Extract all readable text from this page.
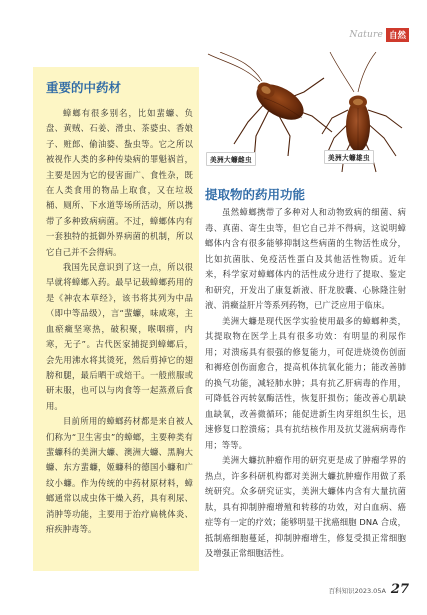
Nature 自然
重要的中药材

蟑螂有很多别名，比如蜚蠊、负盘、黄贼、石姜、滑虫、茶婆虫、香娘子、赃郎、偷油婆、蚻虫等。它之所以被视作人类的多种传染病的罪魁祸首，主要是因为它的侵害面广、食性杂，既在人类食用的物品上取食，又在垃圾桶、厕所、下水道等场所活动，所以携带了多种致病病菌。不过，蟑螂体内有一套独特的抵御外界病菌的机制，所以它自己并不会得病。

我国先民意识到了这一点，所以很早就将蟑螂入药。最早记载蟑螂药用的是《神农本草经》，该书将其列为中品（即中等品级），言“蜚蠊，味咸寒，主血瘀癥坚寒热，破积聚，喉咽痹，内寒，无子”。古代医家捕捉到蟑螂后，会先用沸水将其烫死，然后剪掉它的翅膀和腿，最后晒干或焙干。一般煎服或研末服，也可以与肉食等一起蒸煮后食用。

目前所用的蟑螂药材都是来自被人们称为“卫生害虫”的蟑螂，主要种类有蜚蠊科的美洲大蠊、澳洲大蠊、黑胸大蠊、东方蜚蠊，姬蠊科的德国小蠊和广纹小蠊。作为传统的中药材原材料，蟑螂通常以成虫体干燥入药，具有利尿、消肿等功能，主要用于治疗扁桃体炎、疳疾肿毒等。

美洲大蠊雌虫	美洲大蠊雄虫
提取物的药用功能

虽然蟑螂携带了多种对人和动物致病的细菌、病毒、真菌、寄生虫等，但它自己并不得病，这说明蟑螂体内含有很多能够抑制这些病菌的生物活性成分，比如抗菌肽、免疫活性蛋白及其他活性物质。近年来，科学家对蟑螂体内的活性成分进行了提取、鉴定和研究，开发出了康复新液、肝龙胶囊、心脉隆注射液、消癥益肝片等系列药物，已广泛应用于临床。

美洲大蠊是现代医学实验使用最多的蟑螂种类，其提取物在医学上具有很多功效：有明显的利尿作用；对溃疡具有很强的修复能力，可促进烧烫伤创面和褥疮创伤面愈合，提高机体抗氧化能力；能改善肺的换气功能，减轻肺水肿；具有抗乙肝病毒的作用，可降低谷丙转氨酶活性，恢复肝损伤；能改善心肌缺血缺氧，改善微循环；能促进新生肉芽组织生长，迅速修复口腔溃疡；具有抗结核作用及抗艾滋病病毒作用；等等。

美洲大蠊抗肿瘤作用的研究更是成了肿瘤学界的热点，许多科研机构都对美洲大蠊抗肿瘤作用做了系统研究。众多研究证实，美洲大蠊体内含有大量抗菌肽，具有抑制肿瘤增殖和转移的功效，对白血病、癌症等有一定的疗效；能够明显干扰癌细胞 DNA 合成，抵制癌细胞蔓延，抑制肿瘤增生，修复受损正常细胞及增强正常细胞活性。

百科知识2023.05A 27
